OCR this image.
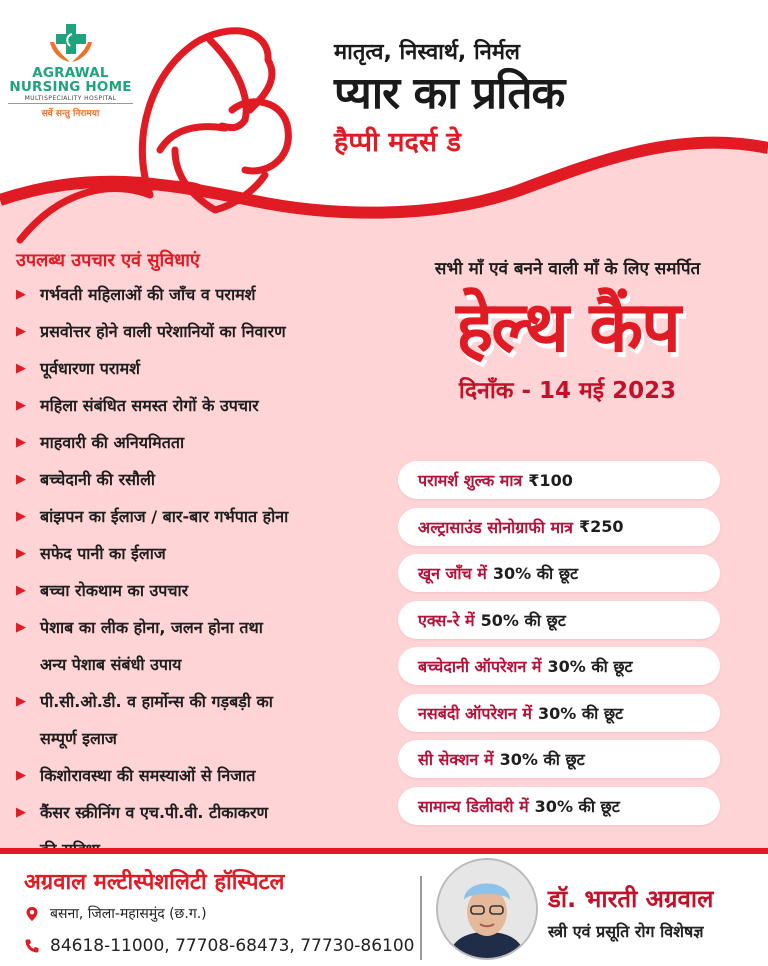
AGRAWAL
NURSING HOME
MULTISPECIALITY HOSPITAL
सर्वे सन्तु निरामया
मातृत्व, निस्वार्थ, निर्मल
प्यार का प्रतिक
हैप्पी मदर्स डे
उपलब्ध उपचार एवं सुविधाएं
▶ गर्भवती महिलाओं की जाँच व परामर्श
▶ प्रसवोत्तर होने वाली परेशानियों का निवारण
▶ पूर्वधारणा परामर्श
▶ महिला संबंधित समस्त रोगों के उपचार
▶ माहवारी की अनियमितता
▶ बच्चेदानी की रसौली
▶ बांझपन का ईलाज / बार-बार गर्भपात होना
▶ सफेद पानी का ईलाज
▶ बच्चा रोकथाम का उपचार
▶ पेशाब का लीक होना, जलन होना तथा
अन्य पेशाब संबंधी उपाय
▶ पी.सी.ओ.डी. व हार्मोन्स की गड़बड़ी का
सम्पूर्ण इलाज
▶ किशोरावस्था की समस्याओं से निजात
▶ कैंसर स्क्रीनिंग व एच.पी.वी. टीकाकरण

सभी माँ एवं बनने वाली माँ के लिए समर्पित
हेल्थ कैंप
दिनाँक - 14 मई 2023
परामर्श शुल्क मात्र ₹100
अल्ट्रासाउंड सोनोग्राफी मात्र ₹250
खून जाँच में 30% की छूट
एक्स-रे में 50% की छूट
बच्चेदानी ऑपरेशन में 30% की छूट
नसबंदी ऑपरेशन में 30% की छूट
सी सेक्शन में 30% की छूट
सामान्य डिलीवरी में 30% की छूट
अग्रवाल मल्टीस्पेशलिटी हॉस्पिटल
बसना, जिला-महासमुंद (छ.ग.)
84618-11000, 77708-68473, 77730-86100
डॉ. भारती अग्रवाल
स्त्री एवं प्रसूति रोग विशेषज्ञ
